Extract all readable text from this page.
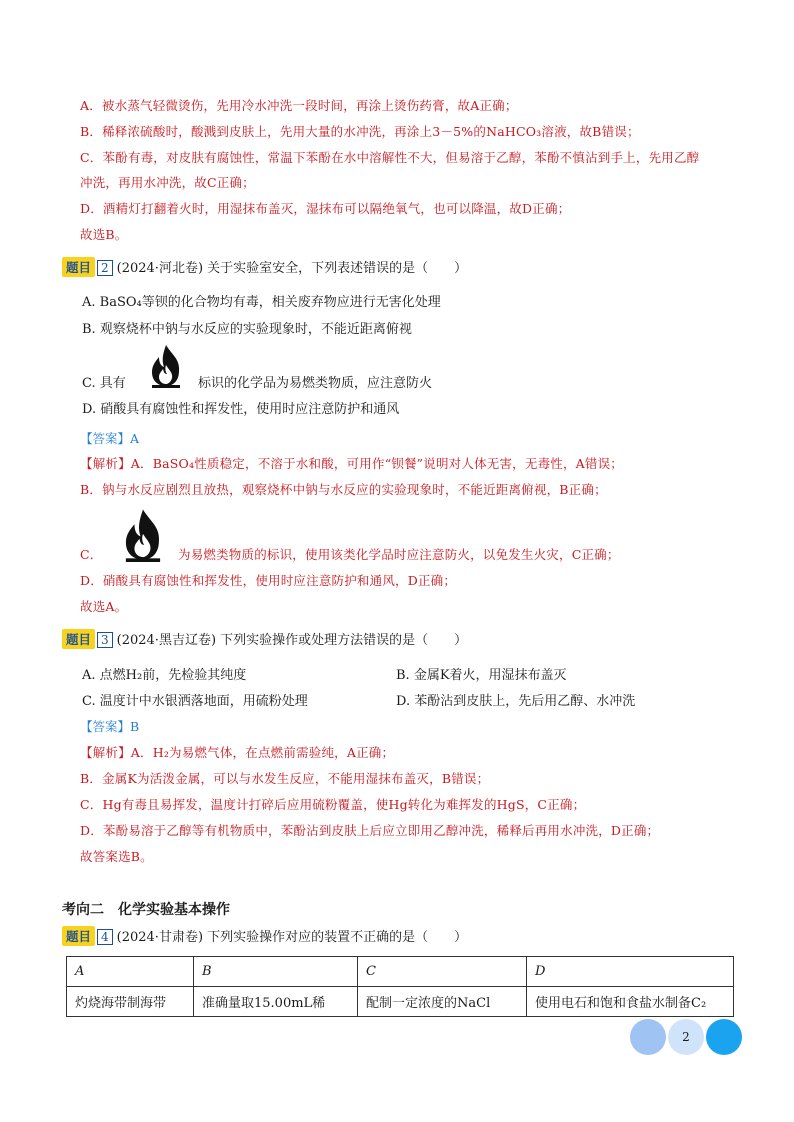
A．被水蒸气轻微烫伤，先用冷水冲洗一段时间，再涂上烫伤药膏，故A正确；
B．稀释浓硫酸时，酸溅到皮肤上，先用大量的水冲洗，再涂上3－5%的NaHCO₃溶液，故B错误；
C．苯酚有毒，对皮肤有腐蚀性，常温下苯酚在水中溶解性不大，但易溶于乙醇，苯酚不慎沾到手上，先用乙醇
冲洗，再用水冲洗，故C正确；
D．酒精灯打翻着火时，用湿抹布盖灭，湿抹布可以隔绝氧气，也可以降温，故D正确；
故选B。
题目 2 (2024·河北卷) 关于实验室安全，下列表述错误的是（　　）
A. BaSO₄等钡的化合物均有毒，相关废弃物应进行无害化处理
B. 观察烧杯中钠与水反应的实验现象时，不能近距离俯视
C. 具有	标识的化学品为易燃类物质，应注意防火
D. 硝酸具有腐蚀性和挥发性，使用时应注意防护和通风
【答案】A
【解析】A．BaSO₄性质稳定，不溶于水和酸，可用作“钡餐”说明对人体无害，无毒性，A错误；
B．钠与水反应剧烈且放热，观察烧杯中钠与水反应的实验现象时，不能近距离俯视，B正确；
C．	为易燃类物质的标识，使用该类化学品时应注意防火，以免发生火灾，C正确；
D．硝酸具有腐蚀性和挥发性，使用时应注意防护和通风，D正确；
故选A。
题目 3 (2024·黑吉辽卷) 下列实验操作或处理方法错误的是（　　）
A. 点燃H₂前，先检验其纯度	B. 金属K着火，用湿抹布盖灭
C. 温度计中水银洒落地面，用硫粉处理	D. 苯酚沾到皮肤上，先后用乙醇、水冲洗
【答案】B
【解析】A．H₂为易燃气体，在点燃前需验纯，A正确；
B．金属K为活泼金属，可以与水发生反应，不能用湿抹布盖灭，B错误；
C．Hg有毒且易挥发，温度计打碎后应用硫粉覆盖，使Hg转化为难挥发的HgS，C正确；
D．苯酚易溶于乙醇等有机物质中，苯酚沾到皮肤上后应立即用乙醇冲洗，稀释后再用水冲洗，D正确；
故答案选B。
考向二　化学实验基本操作
题目 4 (2024·甘肃卷) 下列实验操作对应的装置不正确的是（　　）
A	B	C	D
灼烧海带制海带	准确量取15.00mL稀	配制一定浓度的NaCl	使用电石和饱和食盐水制备C₂
2
